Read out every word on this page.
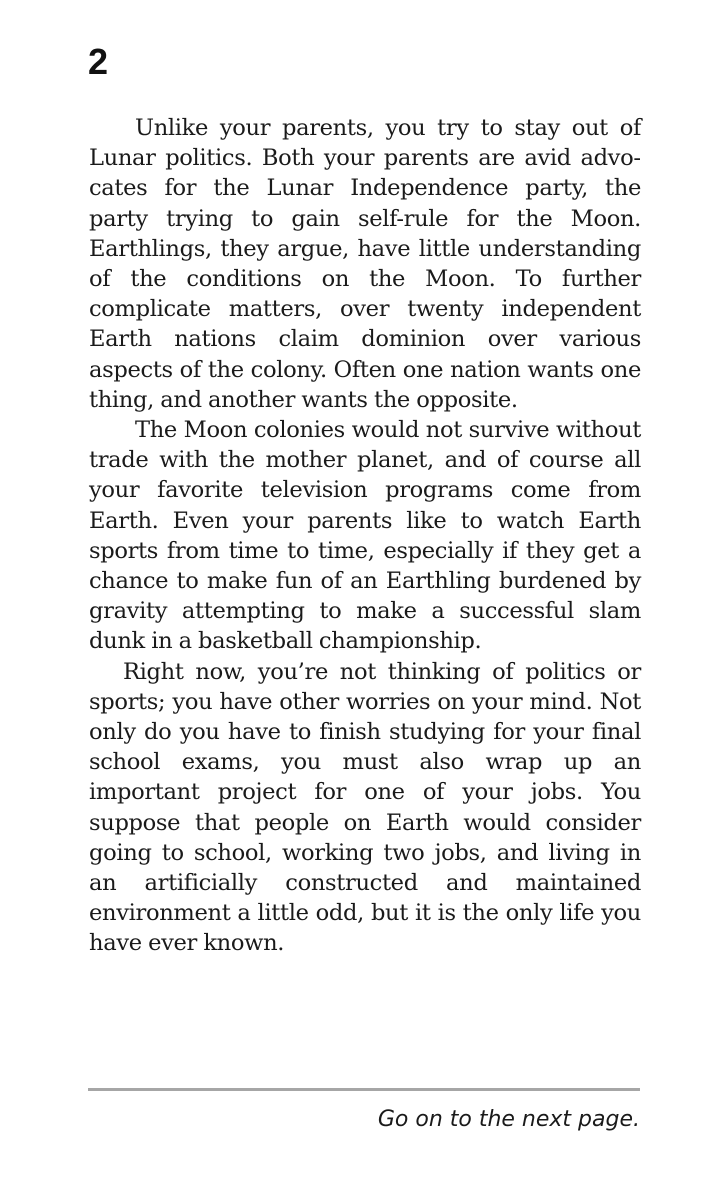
2

Unlike your parents, you try to stay out of Lunar politics. Both your parents are avid advocates for the Lunar Independence party, the party trying to gain self-rule for the Moon. Earthlings, they argue, have little understanding of the conditions on the Moon. To further complicate matters, over twenty independent Earth nations claim dominion over various aspects of the colony. Often one nation wants one thing, and another wants the opposite.

The Moon colonies would not survive without trade with the mother planet, and of course all your favorite television programs come from Earth. Even your parents like to watch Earth sports from time to time, especially if they get a chance to make fun of an Earthling burdened by gravity attempting to make a successful slam dunk in a basketball championship.

Right now, you’re not thinking of politics or sports; you have other worries on your mind. Not only do you have to finish studying for your final school exams, you must also wrap up an important project for one of your jobs. You suppose that people on Earth would consider going to school, working two jobs, and living in an artificially constructed and maintained environment a little odd, but it is the only life you have ever known.

Go on to the next page.
